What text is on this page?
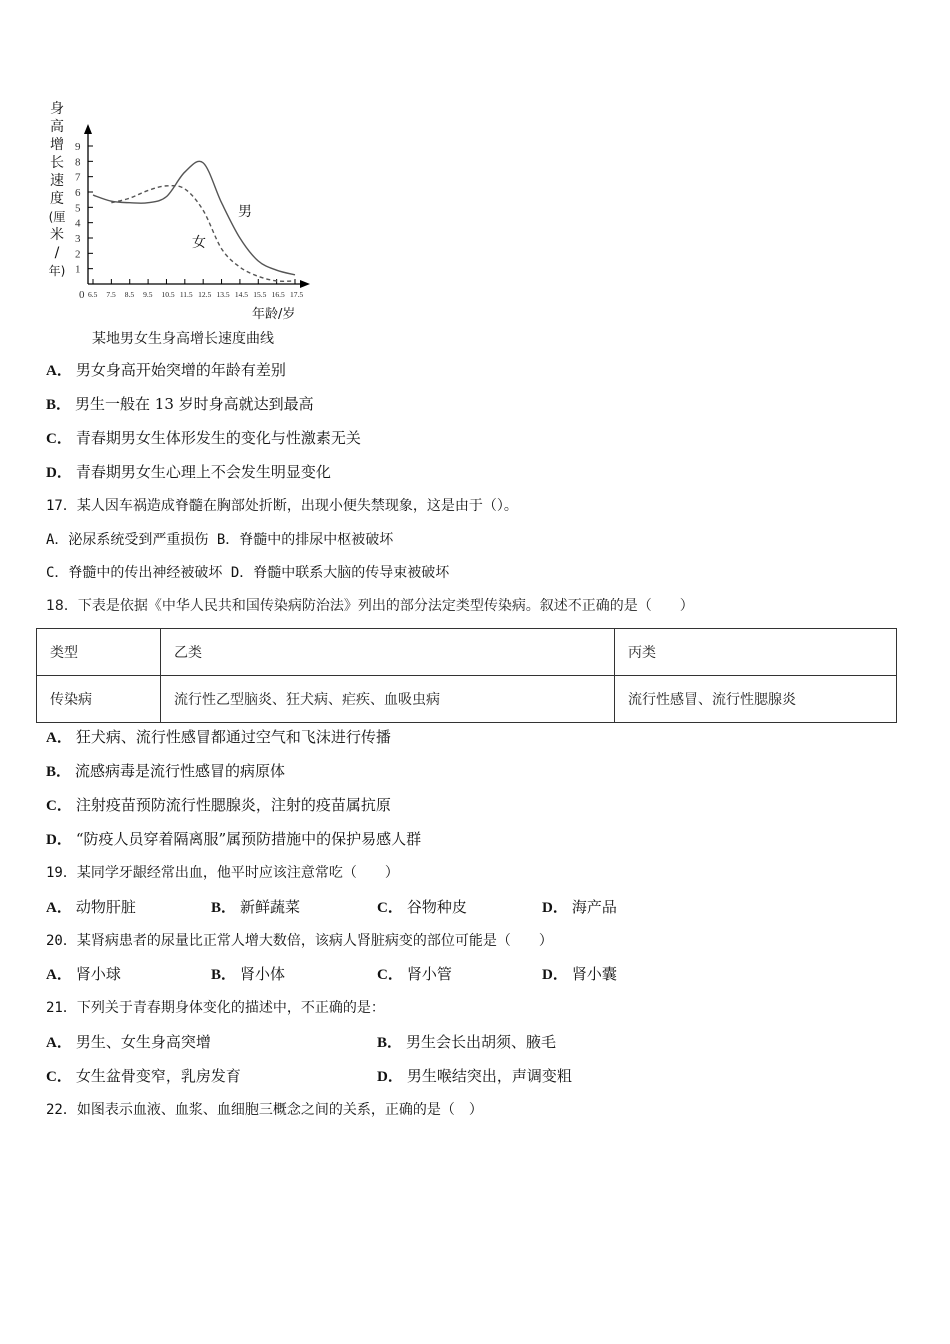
身
高
增
长
速
度
(厘
米
/
年)
9
8
7
6
5
4
3
2
1
6.5 7.5 8.5 9.5 10.5 11.5 12.5 13.5 14.5 15.5 16.5 17.5
0
男
女
年龄/岁
某地男女生身高增长速度曲线
A． 男女身高开始突增的年龄有差别
B． 男生一般在 13 岁时身高就达到最高
C． 青春期男女生体形发生的变化与性激素无关
D． 青春期男女生心理上不会发生明显变化
17．某人因车祸造成脊髓在胸部处折断，出现小便失禁现象，这是由于（）。
A．泌尿系统受到严重损伤 B．脊髓中的排尿中枢被破坏
C．脊髓中的传出神经被破坏 D．脊髓中联系大脑的传导束被破坏
18．下表是依据《中华人民共和国传染病防治法》列出的部分法定类型传染病。叙述不正确的是（　　）
类型	乙类	丙类
传染病	流行性乙型脑炎、狂犬病、疟疾、血吸虫病	流行性感冒、流行性腮腺炎
A． 狂犬病、流行性感冒都通过空气和飞沫进行传播
B． 流感病毒是流行性感冒的病原体
C． 注射疫苗预防流行性腮腺炎，注射的疫苗属抗原
D． “防疫人员穿着隔离服”属预防措施中的保护易感人群
19．某同学牙龈经常出血，他平时应该注意常吃（　　）
A． 动物肝脏	B． 新鲜蔬菜	C． 谷物种皮	D． 海产品
20．某肾病患者的尿量比正常人增大数倍，该病人肾脏病变的部位可能是（　　）
A． 肾小球	B． 肾小体	C． 肾小管	D． 肾小囊
21．下列关于青春期身体变化的描述中，不正确的是：
A． 男生、女生身高突增	B． 男生会长出胡须、腋毛
C． 女生盆骨变窄，乳房发育	D． 男生喉结突出，声调变粗
22．如图表示血液、血浆、血细胞三概念之间的关系，正确的是（　）
